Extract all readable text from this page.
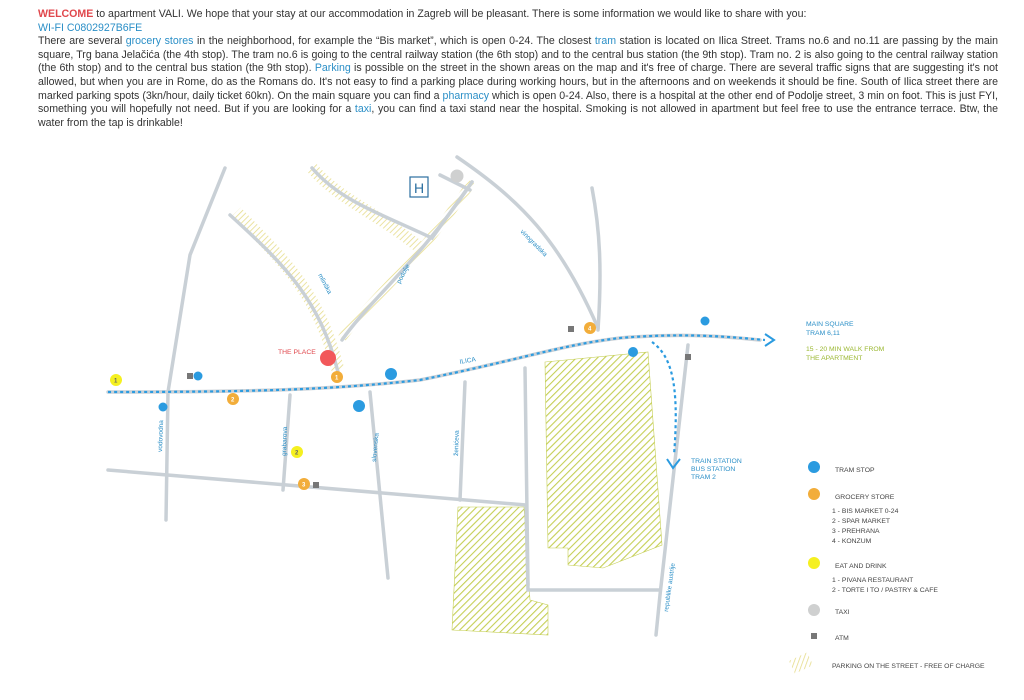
WELCOME to apartment VALI. We hope that your stay at our accommodation in Zagreb will be pleasant. There is some information we would like to share with you:
WI-FI C0802927B6FE
There are several grocery stores in the neighborhood, for example the “Bis market”, which is open 0-24. The closest tram station is located on Ilica Street. Trams no.6 and no.11 are passing by the main square, Trg bana Jelačića (the 4th stop). The tram no.6 is going to the central railway station (the 6th stop) and to the central bus station (the 9th stop). Tram no. 2 is also going to the central railway station (the 6th stop) and to the central bus station (the 9th stop). Parking is possible on the street in the shown areas on the map and it's free of charge. There are several traffic signs that are suggesting it's not allowed, but when you are in Rome, do as the Romans do. It's not easy to find a parking place during working hours, but in the afternoons and on weekends it should be fine. South of Ilica street there are marked parking spots (3kn/hour, daily ticket 60kn). On the main square you can find a pharmacy which is open 0-24. Also, there is a hospital at the other end of Podolje street, 3 min on foot. This is just FYI, something you will hopefully not need. But if you are looking for a taxi, you can find a taxi stand near the hospital. Smoking is not allowed in apartment but feel free to use the entrance terrace. Btw, the water from the tap is drinkable!
ILICA
mlinška	podolje
vinogradska
vodovodna	grabarova	slovenska	ženićeva
republike austrije
H
THE PLACE
1
2
3
4
1
2
MAIN SQUARE
TRAM 6,11
15 - 20 MIN WALK FROM
THE APARTMENT
TRAIN STATION
BUS STATION
TRAM 2
TRAM STOP
GROCERY STORE
1 - BIS MARKET 0-24
2 - SPAR MARKET
3 - PREHRANA
4 - KONZUM
EAT AND DRINK
1 - PIVANA RESTAURANT
2 - TORTE I TO / PASTRY & CAFE
TAXI
ATM
PARKING ON THE STREET - FREE OF CHARGE
